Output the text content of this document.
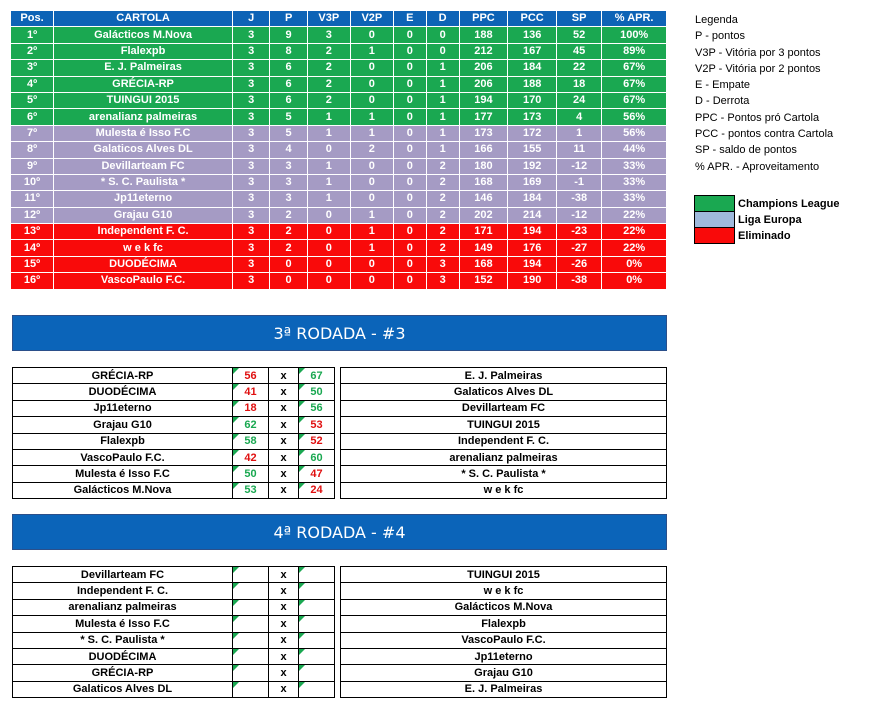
Pos.	CARTOLA	J	P	V3P	V2P	E	D	PPC	PCC	SP	% APR.
1º	Galácticos M.Nova	3	9	3	0	0	0	188	136	52	100%
2º	Flalexpb	3	8	2	1	0	0	212	167	45	89%
3º	E. J. Palmeiras	3	6	2	0	0	1	206	184	22	67%
4º	GRÉCIA-RP	3	6	2	0	0	1	206	188	18	67%
5º	TUINGUI 2015	3	6	2	0	0	1	194	170	24	67%
6º	arenalianz palmeiras	3	5	1	1	0	1	177	173	4	56%
7º	Mulesta é Isso F.C	3	5	1	1	0	1	173	172	1	56%
8º	Galaticos Alves DL	3	4	0	2	0	1	166	155	11	44%
9º	Devillarteam FC	3	3	1	0	0	2	180	192	-12	33%
10º	* S. C. Paulista *	3	3	1	0	0	2	168	169	-1	33%
11º	Jp11eterno	3	3	1	0	0	2	146	184	-38	33%
12º	Grajau G10	3	2	0	1	0	2	202	214	-12	22%
13º	Independent F. C.	3	2	0	1	0	2	171	194	-23	22%
14º	w e k fc	3	2	0	1	0	2	149	176	-27	22%
15º	DUODÉCIMA	3	0	0	0	0	3	168	194	-26	0%
16º	VascoPaulo F.C.	3	0	0	0	0	3	152	190	-38	0%
Legenda
P - pontos
V3P - Vitória por 3 pontos
V2P - Vitória por 2 pontos
E - Empate
D - Derrota
PPC - Pontos pró Cartola
PCC - pontos contra Cartola
SP - saldo de pontos
% APR. - Aproveitamento
	Champions League
	Liga Europa
	Eliminado
3ª RODADA - #3
GRÉCIA-RP	56	x	67		E. J. Palmeiras
DUODÉCIMA	41	x	50		Galaticos Alves DL
Jp11eterno	18	x	56		Devillarteam FC
Grajau G10	62	x	53		TUINGUI 2015
Flalexpb	58	x	52		Independent F. C.
VascoPaulo F.C.	42	x	60		arenalianz palmeiras
Mulesta é Isso F.C	50	x	47		* S. C. Paulista *
Galácticos M.Nova	53	x	24		w e k fc
4ª RODADA - #4
Devillarteam FC		x			TUINGUI 2015
Independent F. C.		x			w e k fc
arenalianz palmeiras		x			Galácticos M.Nova
Mulesta é Isso F.C		x			Flalexpb
* S. C. Paulista *		x			VascoPaulo F.C.
DUODÉCIMA		x			Jp11eterno
GRÉCIA-RP		x			Grajau G10
Galaticos Alves DL		x			E. J. Palmeiras
